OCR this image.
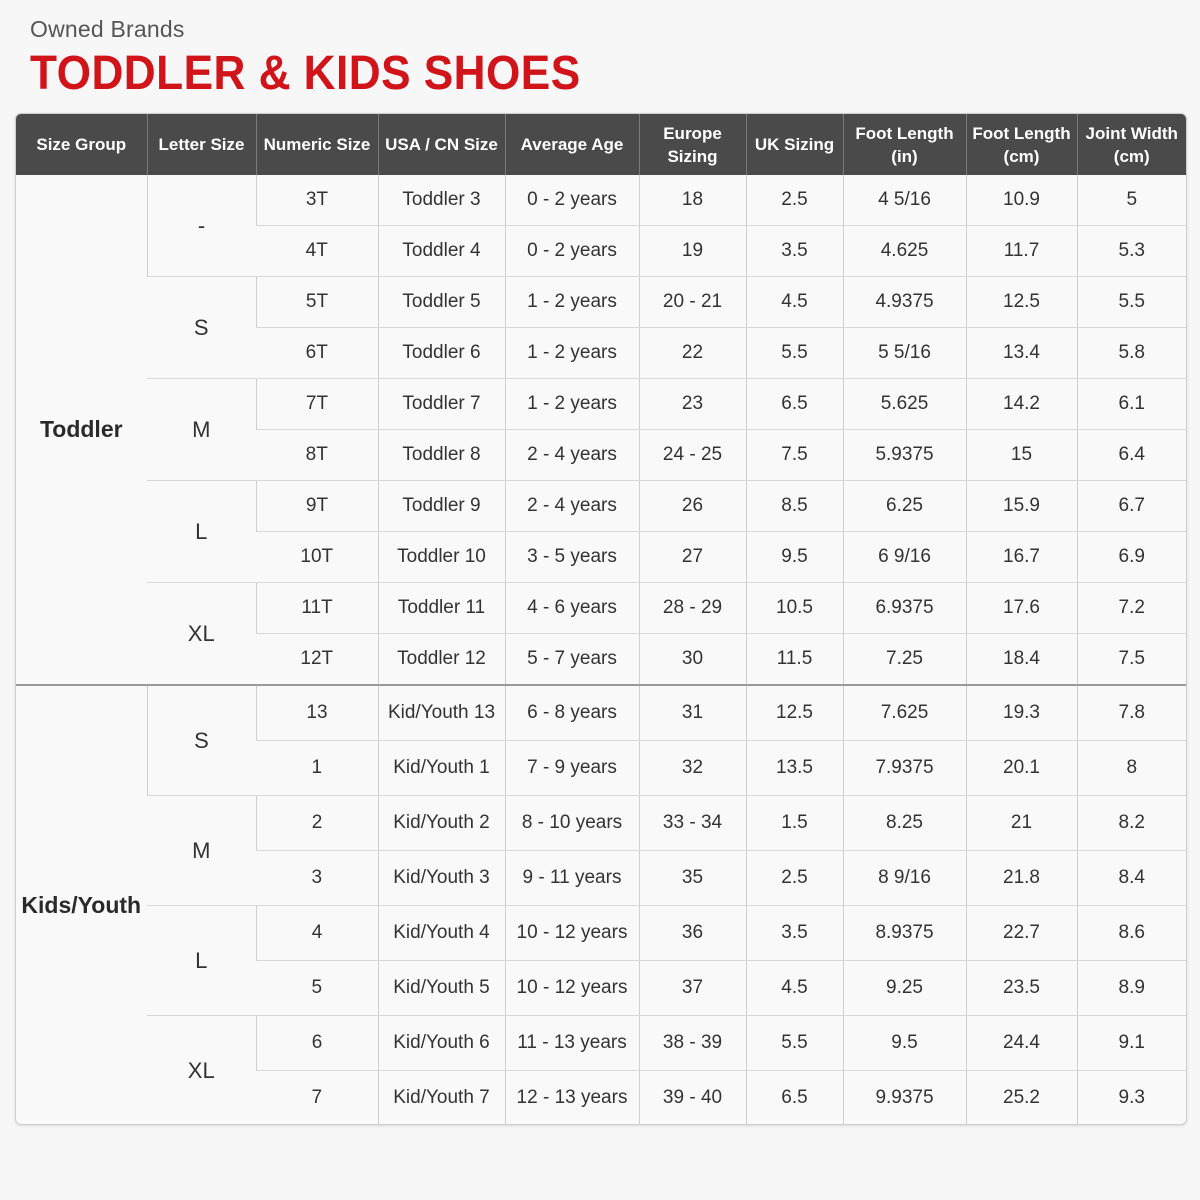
Owned Brands
TODDLER & KIDS SHOES
Size Group	Letter Size	Numeric Size	USA / CN Size	Average Age	Europe Sizing	UK Sizing	Foot Length (in)	Foot Length (cm)	Joint Width (cm)
Toddler	-	3T	Toddler 3	0 - 2 years	18	2.5	4 5/16	10.9	5
		4T	Toddler 4	0 - 2 years	19	3.5	4.625	11.7	5.3
	S	5T	Toddler 5	1 - 2 years	20 - 21	4.5	4.9375	12.5	5.5
		6T	Toddler 6	1 - 2 years	22	5.5	5 5/16	13.4	5.8
	M	7T	Toddler 7	1 - 2 years	23	6.5	5.625	14.2	6.1
		8T	Toddler 8	2 - 4 years	24 - 25	7.5	5.9375	15	6.4
	L	9T	Toddler 9	2 - 4 years	26	8.5	6.25	15.9	6.7
		10T	Toddler 10	3 - 5 years	27	9.5	6 9/16	16.7	6.9
	XL	11T	Toddler 11	4 - 6 years	28 - 29	10.5	6.9375	17.6	7.2
		12T	Toddler 12	5 - 7 years	30	11.5	7.25	18.4	7.5
Kids/Youth	S	13	Kid/Youth 13	6 - 8 years	31	12.5	7.625	19.3	7.8
		1	Kid/Youth 1	7 - 9 years	32	13.5	7.9375	20.1	8
	M	2	Kid/Youth 2	8 - 10 years	33 - 34	1.5	8.25	21	8.2
		3	Kid/Youth 3	9 - 11 years	35	2.5	8 9/16	21.8	8.4
	L	4	Kid/Youth 4	10 - 12 years	36	3.5	8.9375	22.7	8.6
		5	Kid/Youth 5	10 - 12 years	37	4.5	9.25	23.5	8.9
	XL	6	Kid/Youth 6	11 - 13 years	38 - 39	5.5	9.5	24.4	9.1
		7	Kid/Youth 7	12 - 13 years	39 - 40	6.5	9.9375	25.2	9.3
